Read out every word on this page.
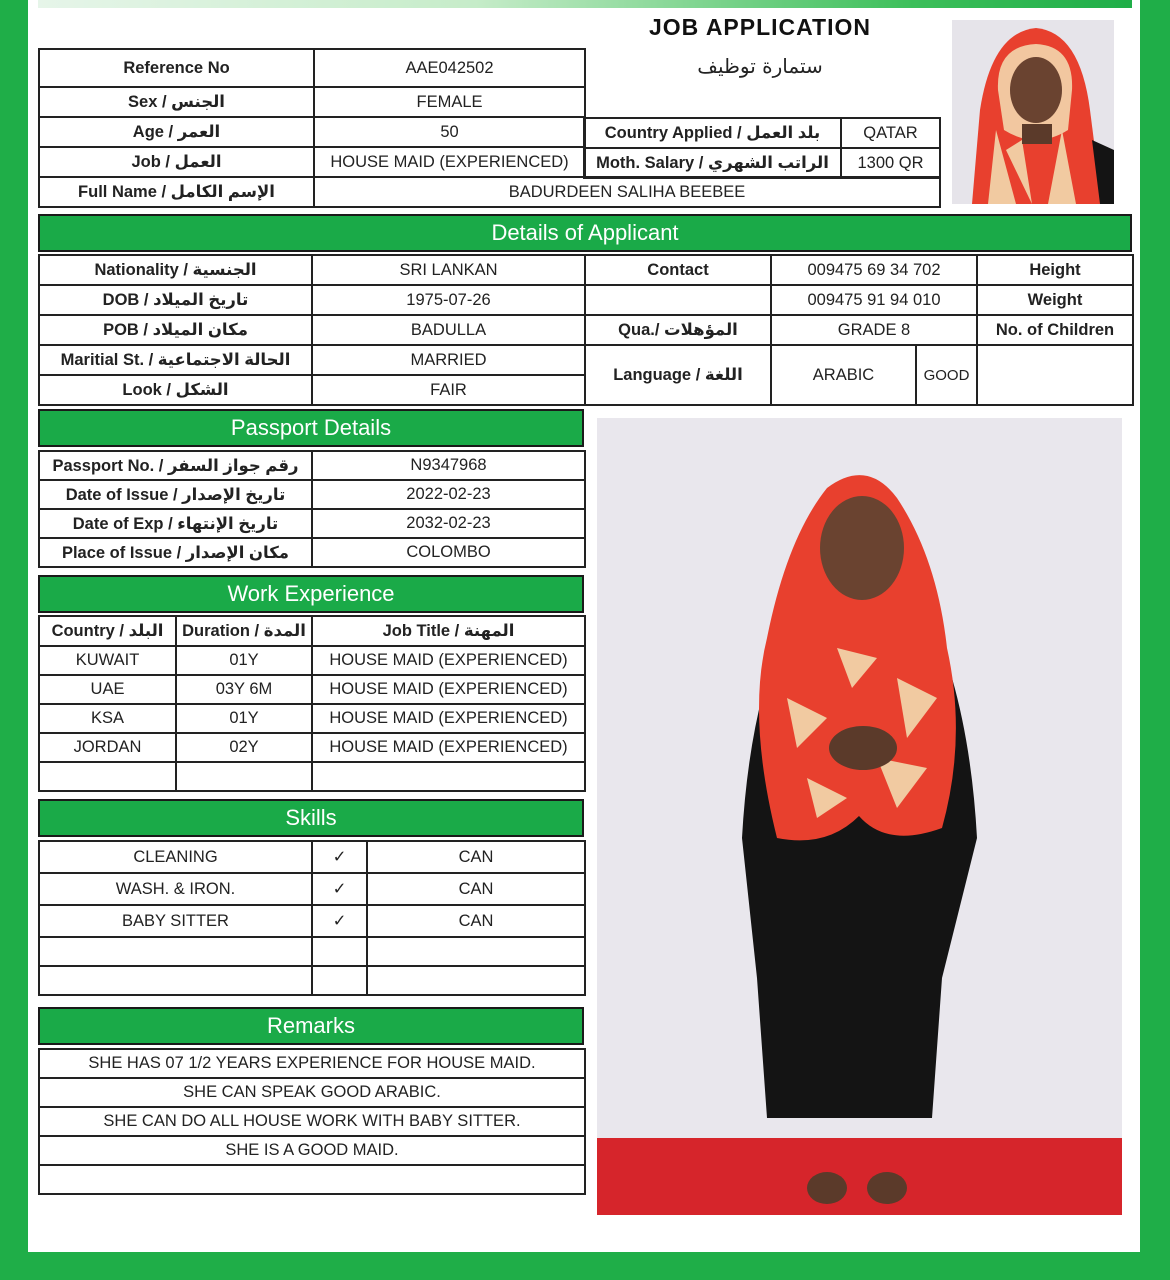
JOB APPLICATION
ستمارة توظيف
Reference No	AAE042502
Sex / الجنس	FEMALE
Age / العمر	50
Job / العمل	HOUSE MAID (EXPERIENCED)
Country Applied / بلد العمل	QATAR
Moth. Salary / الراتب الشهري	1300 QR
Full Name / الإسم الكامل	BADURDEEN SALIHA BEEBEE
Details of Applicant
Nationality / الجنسية	SRI LANKAN	Contact	009475 69 34 702		Height	
DOB / تاريخ الميلاد	1975-07-26		009475 91 94 010		Weight	
POB / مكان الميلاد	BADULLA	Qua./ المؤهلات	GRADE 8		No. of Children	
Maritial St. / الحالة الاجتماعية	MARRIED	Language / اللغة	ARABIC	GOOD		
Look / الشكل	FAIR					
Passport Details
Passport No. / رقم جواز السفر	N9347968
Date of Issue / تاريخ الإصدار	2022-02-23
Date of Exp / تاريخ الإنتهاء	2032-02-23
Place of Issue / مكان الإصدار	COLOMBO
Work Experience
Country / البلد	Duration / المدة	Job Title / المهنة
KUWAIT	01Y	HOUSE MAID (EXPERIENCED)
UAE	03Y 6M	HOUSE MAID (EXPERIENCED)
KSA	01Y	HOUSE MAID (EXPERIENCED)
JORDAN	02Y	HOUSE MAID (EXPERIENCED)

Skills
CLEANING	✓	CAN
WASH. & IRON.	✓	CAN
BABY SITTER	✓	CAN

Remarks
SHE HAS 07 1/2 YEARS EXPERIENCE FOR HOUSE MAID.
SHE CAN SPEAK GOOD ARABIC.
SHE CAN DO ALL HOUSE WORK WITH BABY SITTER.
SHE IS A GOOD MAID.
